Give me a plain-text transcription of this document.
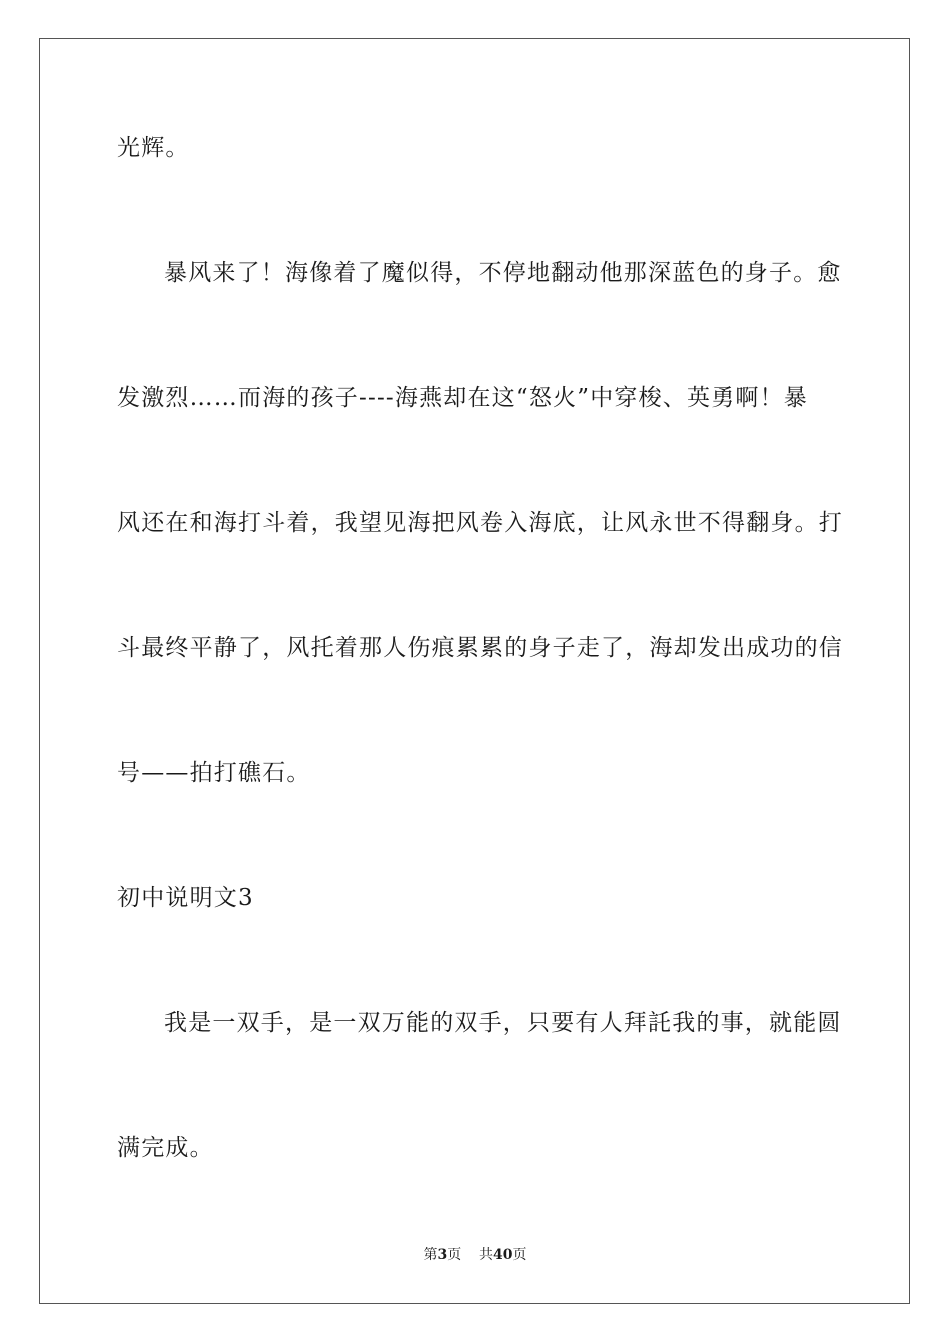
光辉。
暴风来了！海像着了魔似得，不停地翻动他那深蓝色的身子。愈
发激烈……而海的孩子----海燕却在这“怒火”中穿梭、英勇啊！暴
风还在和海打斗着，我望见海把风卷入海底，让风永世不得翻身。打
斗最终平静了，风托着那人伤痕累累的身子走了，海却发出成功的信
号——拍打礁石。
初中说明文3
我是一双手，是一双万能的双手，只要有人拜託我的事，就能圆
满完成。
第3页 共40页
